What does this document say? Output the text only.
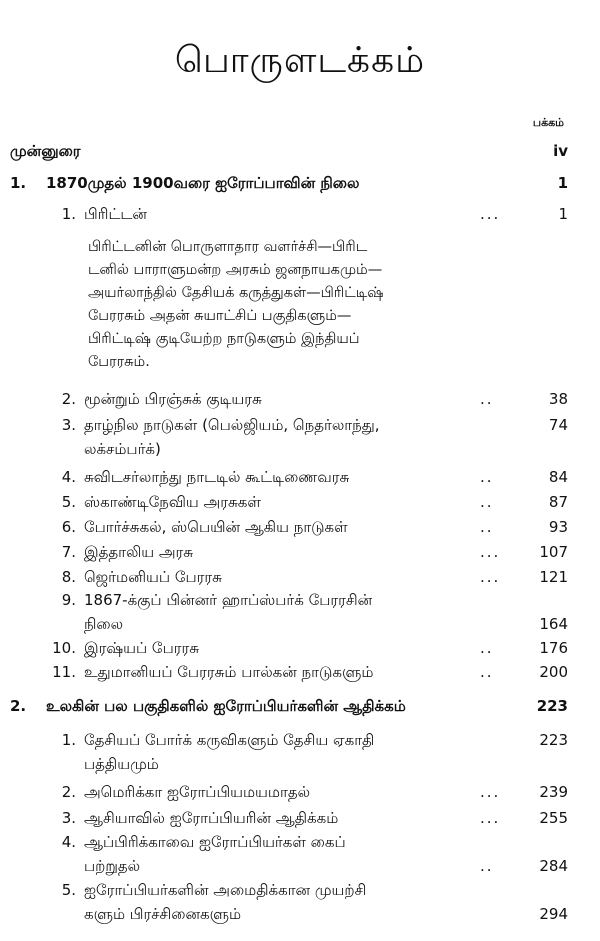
பொருளடக்கம்
பக்கம்
முன்னுரை	iv
1. 1870முதல் 1900வரை ஐரோப்பாவின் நிலை	1
1. பிரிட்டன்	...	1
பிரிட்டனின் பொருளாதார வளர்ச்சி—பிரிட
டனில் பாராளுமன்ற அரசும் ஜனநாயகமும்—
அயர்லாந்தில் தேசியக் கருத்துகள்—பிரிட்டிஷ்
பேரரசும் அதன் சுயாட்சிப் பகுதிகளும்—
பிரிட்டிஷ் குடியேற்ற நாடுகளும் இந்தியப்
பேரரசும்.
2. மூன்றும் பிரஞ்சுக் குடியரசு	..	38
3. தாழ்நில நாடுகள் (பெல்ஜியம், நெதர்லாந்து,	74
லக்சம்பர்க்)
4. சுவிடசர்லாந்து நாடடில் கூட்டிணைவரசு	..	84
5. ஸ்காண்டிநேவிய அரசுகள்	..	87
6. போர்ச்சுகல், ஸ்பெயின் ஆகிய நாடுகள்	..	93
7. இத்தாலிய அரசு	...	107
8. ஜெர்மனியப் பேரரசு	...	121
9. 1867-க்குப் பின்னர் ஹாப்ஸ்பர்க் பேரரசின்
நிலை	164
10. இரஷ்யப் பேரரசு	..	176
11. உதுமானியப் பேரரசும் பால்கன் நாடுகளும்	..	200
2. உலகின் பல பகுதிகளில் ஐரோப்பியர்களின் ஆதிக்கம்	223
1. தேசியப் போர்க் கருவிகளும் தேசிய ஏகாதி	223
பத்தியமும்
2. அமெரிக்கா ஐரோப்பியமயமாதல்	...	239
3. ஆசியாவில் ஐரோப்பியரின் ஆதிக்கம்	...	255
4. ஆப்பிரிக்காவை ஐரோப்பியர்கள் கைப்
பற்றுதல்	..	284
5. ஐரோப்பியர்களின் அமைதிக்கான முயற்சி
களும் பிரச்சினைகளும்	294
